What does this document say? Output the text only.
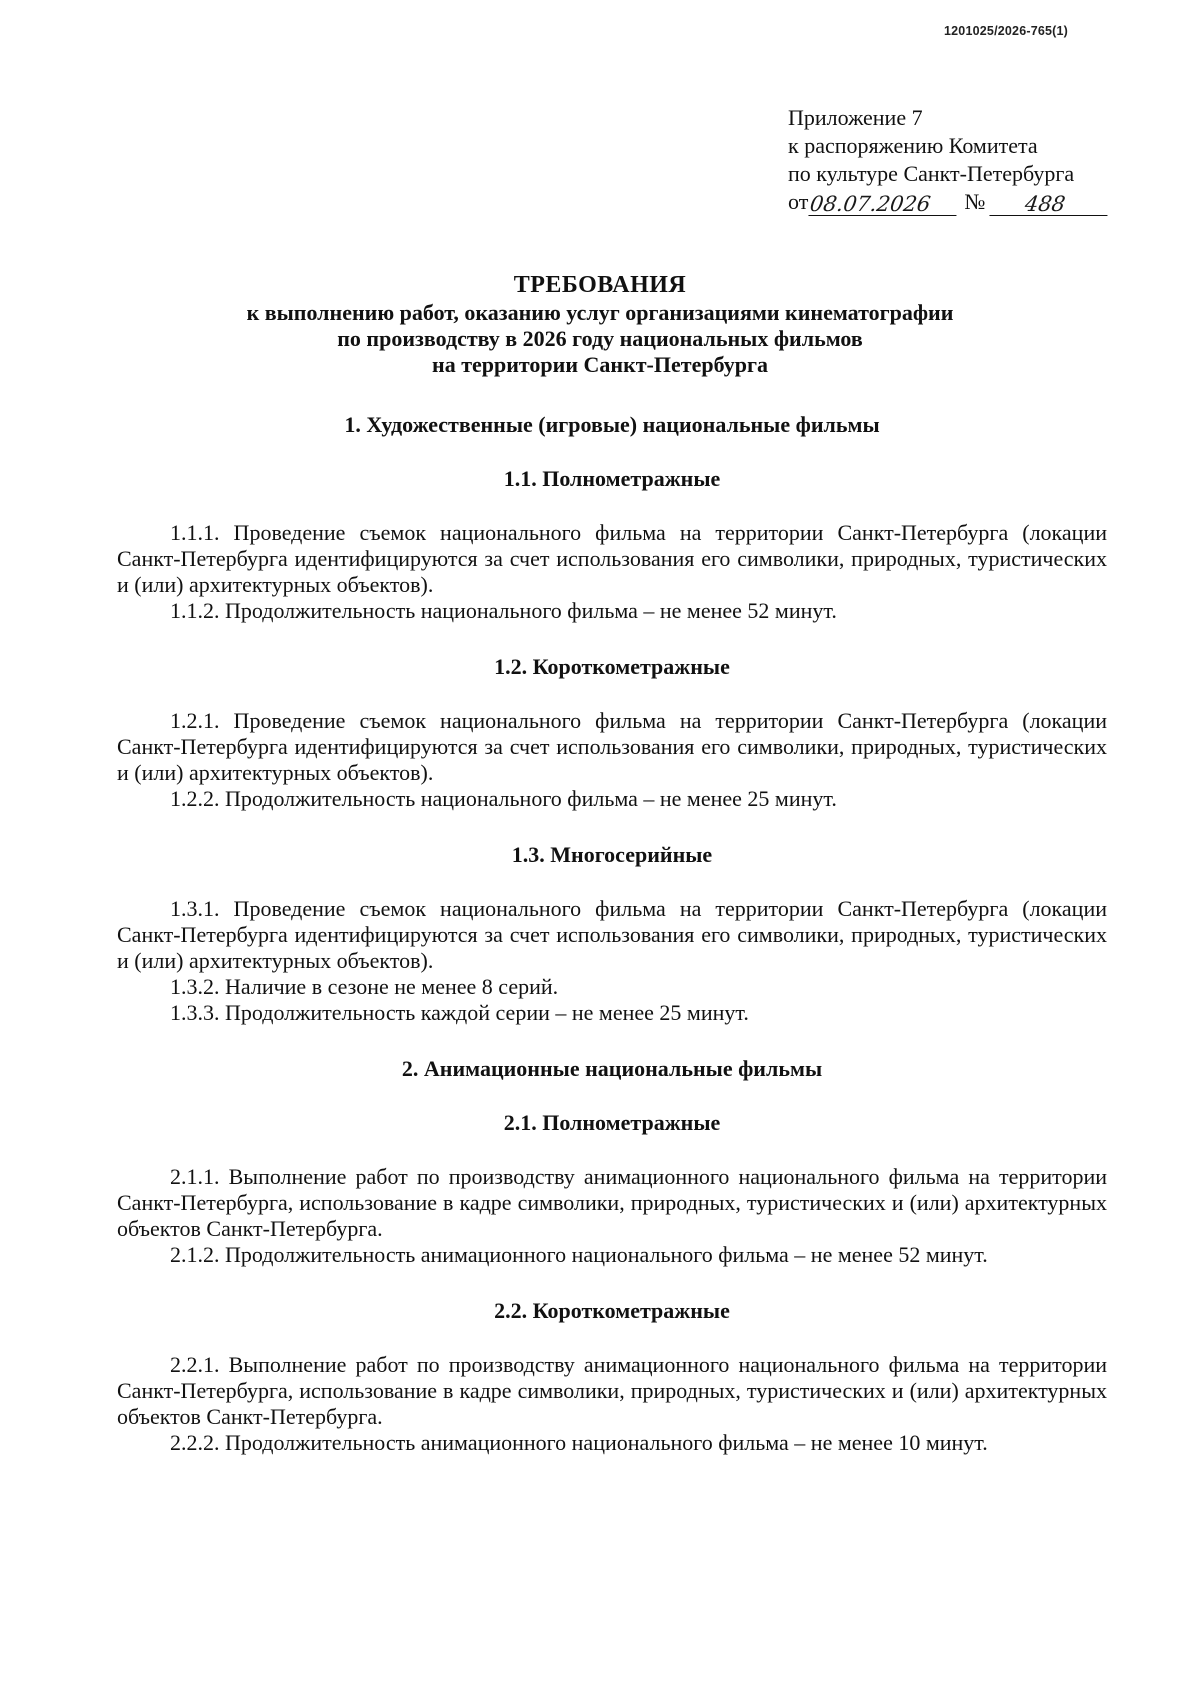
1201025/2026-765(1)
Приложение 7
к распоряжению Комитета
по культуре Санкт-Петербурга
от 08.07.2026	№	488
ТРЕБОВАНИЯ
к выполнению работ, оказанию услуг организациями кинематографии
по производству в 2026 году национальных фильмов
на территории Санкт-Петербурга
1. Художественные (игровые) национальные фильмы
1.1. Полнометражные

1.1.1. Проведение съемок национального фильма на территории Санкт-Петербурга (локации Санкт-Петербурга идентифицируются за счет использования его символики, природных, туристических и (или) архитектурных объектов).

1.1.2. Продолжительность национального фильма – не менее 52 минут.

1.2. Короткометражные

1.2.1. Проведение съемок национального фильма на территории Санкт-Петербурга (локации Санкт-Петербурга идентифицируются за счет использования его символики, природных, туристических и (или) архитектурных объектов).

1.2.2. Продолжительность национального фильма – не менее 25 минут.

1.3. Многосерийные

1.3.1. Проведение съемок национального фильма на территории Санкт-Петербурга (локации Санкт-Петербурга идентифицируются за счет использования его символики, природных, туристических и (или) архитектурных объектов).

1.3.2. Наличие в сезоне не менее 8 серий.

1.3.3. Продолжительность каждой серии – не менее 25 минут.

2. Анимационные национальные фильмы
2.1. Полнометражные

2.1.1. Выполнение работ по производству анимационного национального фильма на территории Санкт-Петербурга, использование в кадре символики, природных, туристических и (или) архитектурных объектов Санкт-Петербурга.

2.1.2. Продолжительность анимационного национального фильма – не менее 52 минут.

2.2. Короткометражные

2.2.1. Выполнение работ по производству анимационного национального фильма на территории Санкт-Петербурга, использование в кадре символики, природных, туристических и (или) архитектурных объектов Санкт-Петербурга.

2.2.2. Продолжительность анимационного национального фильма – не менее 10 минут.
